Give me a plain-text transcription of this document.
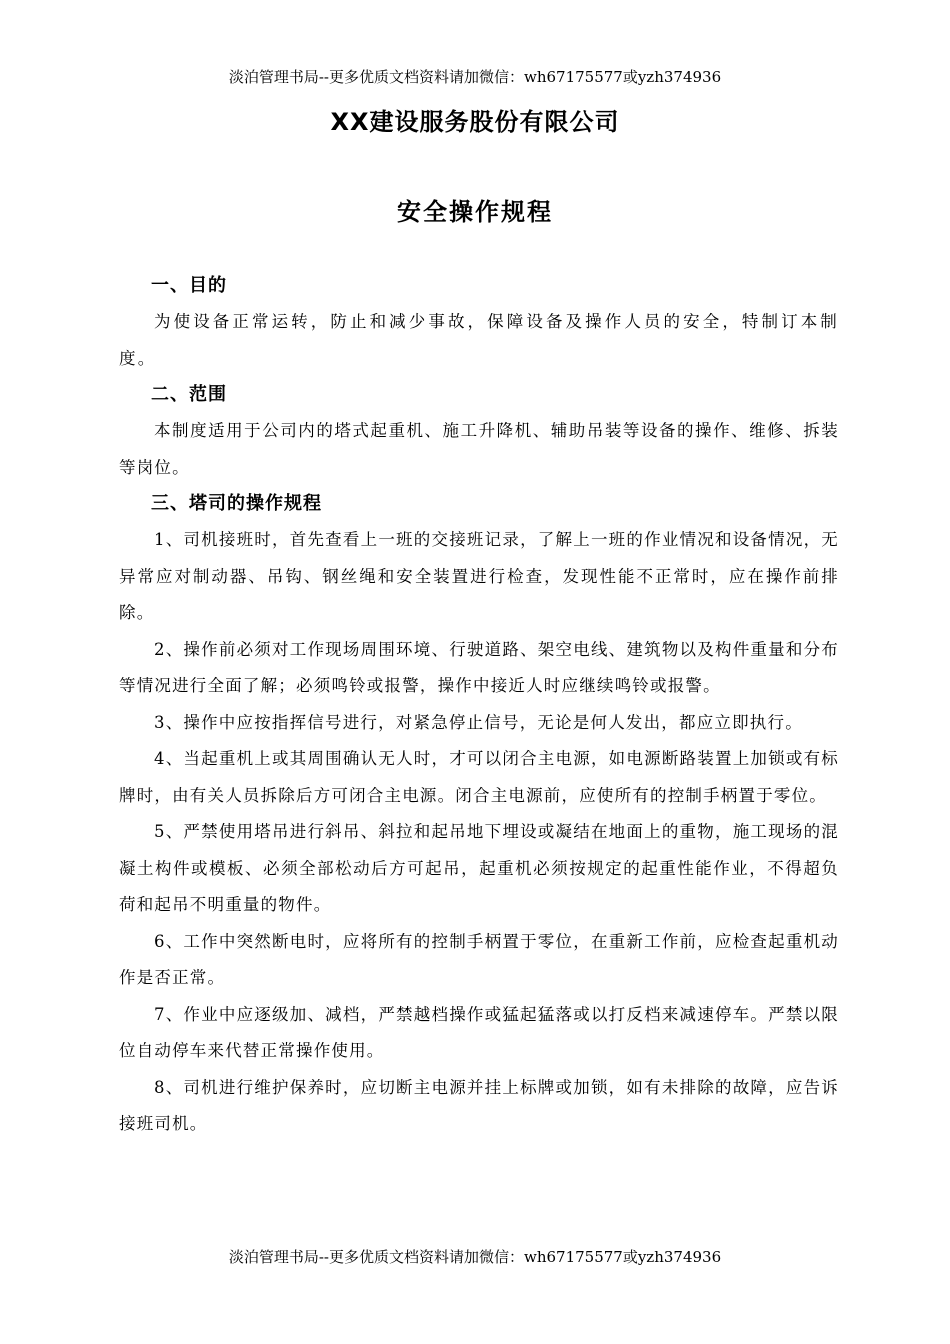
淡泊管理书局--更多优质文档资料请加微信：wh67175577或yzh374936
XX建设服务股份有限公司
安全操作规程

一、目的

为使设备正常运转，防止和减少事故，保障设备及操作人员的安全，特制订本制度。

二、范围

本制度适用于公司内的塔式起重机、施工升降机、辅助吊装等设备的操作、维修、拆装等岗位。

三、塔司的操作规程

1、司机接班时，首先查看上一班的交接班记录，了解上一班的作业情况和设备情况，无异常应对制动器、吊钩、钢丝绳和安全装置进行检查，发现性能不正常时，应在操作前排除。

2、操作前必须对工作现场周围环境、行驶道路、架空电线、建筑物以及构件重量和分布等情况进行全面了解；必须鸣铃或报警，操作中接近人时应继续鸣铃或报警。

3、操作中应按指挥信号进行，对紧急停止信号，无论是何人发出，都应立即执行。

4、当起重机上或其周围确认无人时，才可以闭合主电源，如电源断路装置上加锁或有标牌时，由有关人员拆除后方可闭合主电源。闭合主电源前，应使所有的控制手柄置于零位。

5、严禁使用塔吊进行斜吊、斜拉和起吊地下埋设或凝结在地面上的重物，施工现场的混凝土构件或模板、必须全部松动后方可起吊，起重机必须按规定的起重性能作业，不得超负荷和起吊不明重量的物件。

6、工作中突然断电时，应将所有的控制手柄置于零位，在重新工作前，应检查起重机动作是否正常。

7、作业中应逐级加、减档，严禁越档操作或猛起猛落或以打反档来减速停车。严禁以限位自动停车来代替正常操作使用。

8、司机进行维护保养时，应切断主电源并挂上标牌或加锁，如有未排除的故障，应告诉接班司机。

淡泊管理书局--更多优质文档资料请加微信：wh67175577或yzh374936
